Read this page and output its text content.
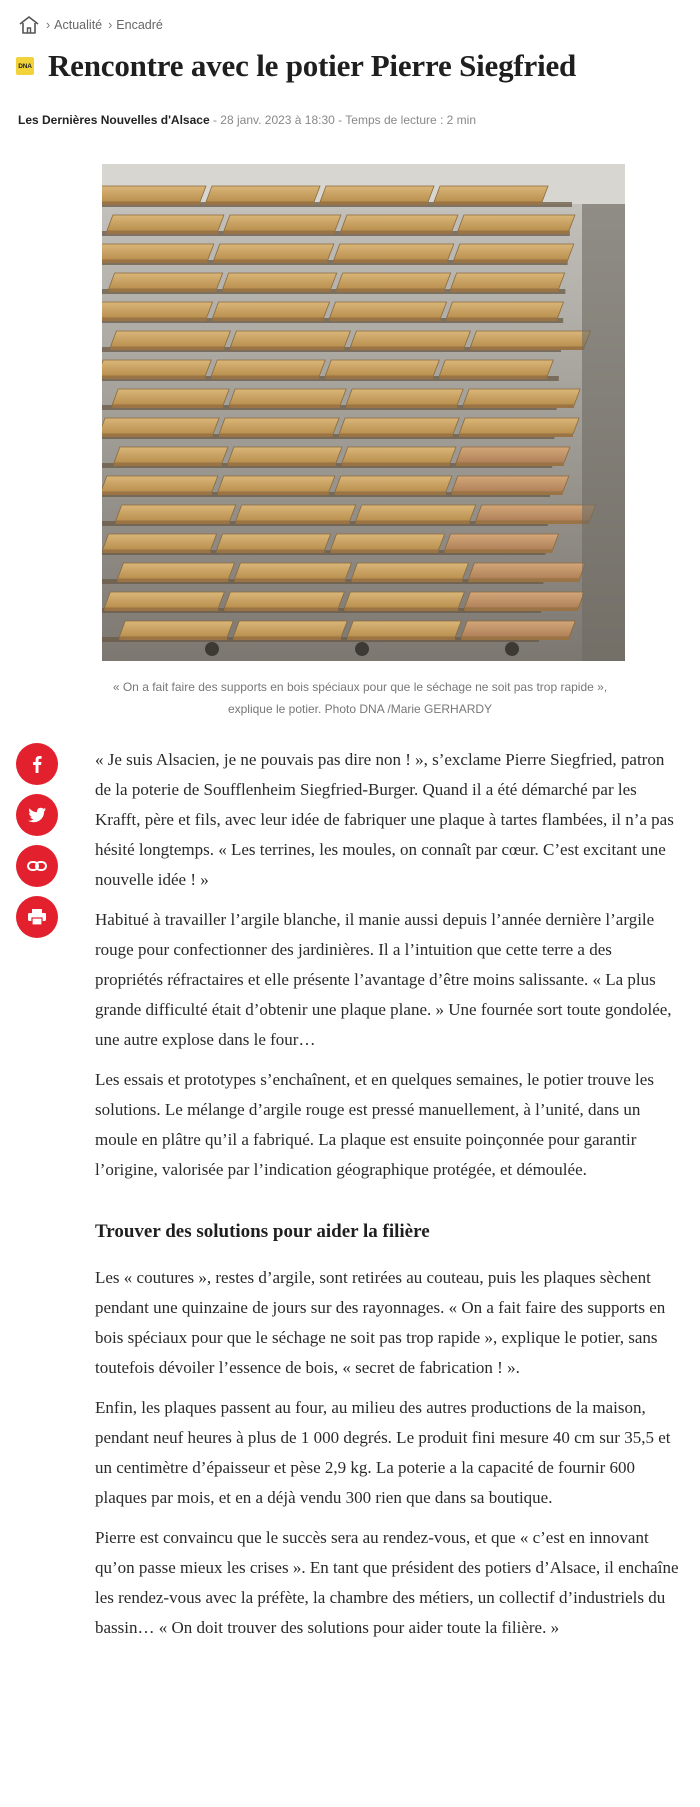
› Actualité › Encadré
DNA Rencontre avec le potier Pierre Siegfried
Les Dernières Nouvelles d'Alsace - 28 janv. 2023 à 18:30 - Temps de lecture : 2 min
« On a fait faire des supports en bois spéciaux pour que le séchage ne soit pas trop rapide »,
explique le potier. Photo DNA /Marie GERHARDY

« Je suis Alsacien, je ne pouvais pas dire non ! », s’exclame Pierre Siegfried, patron de la poterie de Soufflenheim Siegfried-Burger. Quand il a été démarché par les Krafft, père et fils, avec leur idée de fabriquer une plaque à tartes flambées, il n’a pas hésité longtemps. « Les terrines, les moules, on connaît par cœur. C’est excitant une nouvelle idée ! »

Habitué à travailler l’argile blanche, il manie aussi depuis l’année dernière l’argile rouge pour confectionner des jardinières. Il a l’intuition que cette terre a des propriétés réfractaires et elle présente l’avantage d’être moins salissante. « La plus grande difficulté était d’obtenir une plaque plane. » Une fournée sort toute gondolée, une autre explose dans le four…

Les essais et prototypes s’enchaînent, et en quelques semaines, le potier trouve les solutions. Le mélange d’argile rouge est pressé manuellement, à l’unité, dans un moule en plâtre qu’il a fabriqué. La plaque est ensuite poinçonnée pour garantir l’origine, valorisée par l’indication géographique protégée, et démoulée.

Trouver des solutions pour aider la filière

Les « coutures », restes d’argile, sont retirées au couteau, puis les plaques sèchent pendant une quinzaine de jours sur des rayonnages. « On a fait faire des supports en bois spéciaux pour que le séchage ne soit pas trop rapide », explique le potier, sans toutefois dévoiler l’essence de bois, « secret de fabrication ! ».

Enfin, les plaques passent au four, au milieu des autres productions de la maison, pendant neuf heures à plus de 1 000 degrés. Le produit fini mesure 40 cm sur 35,5 et un centimètre d’épaisseur et pèse 2,9 kg. La poterie a la capacité de fournir 600 plaques par mois, et en a déjà vendu 300 rien que dans sa boutique.

Pierre est convaincu que le succès sera au rendez-vous, et que « c’est en innovant qu’on passe mieux les crises ». En tant que président des potiers d’Alsace, il enchaîne les rendez-vous avec la préfète, la chambre des métiers, un collectif d’industriels du bassin… « On doit trouver des solutions pour aider toute la filière. »
